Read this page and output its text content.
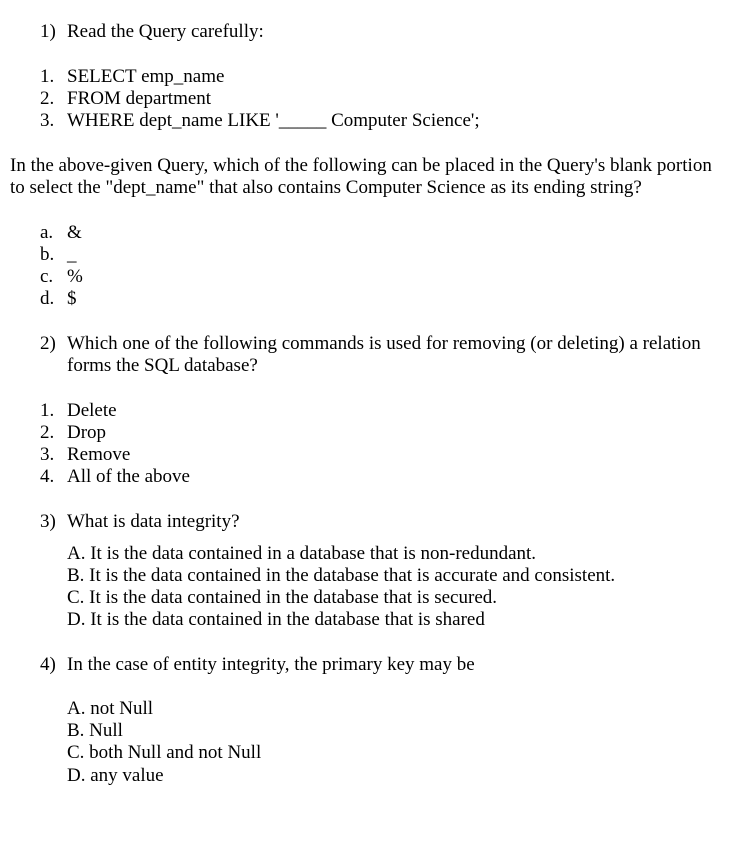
1) Read the Query carefully:
1. SELECT emp_name
2. FROM department
3. WHERE dept_name LIKE '_____ Computer Science';
In the above-given Query, which of the following can be placed in the Query's blank portion
to select the "dept_name" that also contains Computer Science as its ending string?
a. &
b. _
c. %
d. $
2) Which one of the following commands is used for removing (or deleting) a relation
forms the SQL database?
1. Delete
2. Drop
3. Remove
4. All of the above
3) What is data integrity?
A. It is the data contained in a database that is non-redundant.
B. It is the data contained in the database that is accurate and consistent.
C. It is the data contained in the database that is secured.
D. It is the data contained in the database that is shared
4) In the case of entity integrity, the primary key may be
A. not Null
B. Null
C. both Null and not Null
D. any value
